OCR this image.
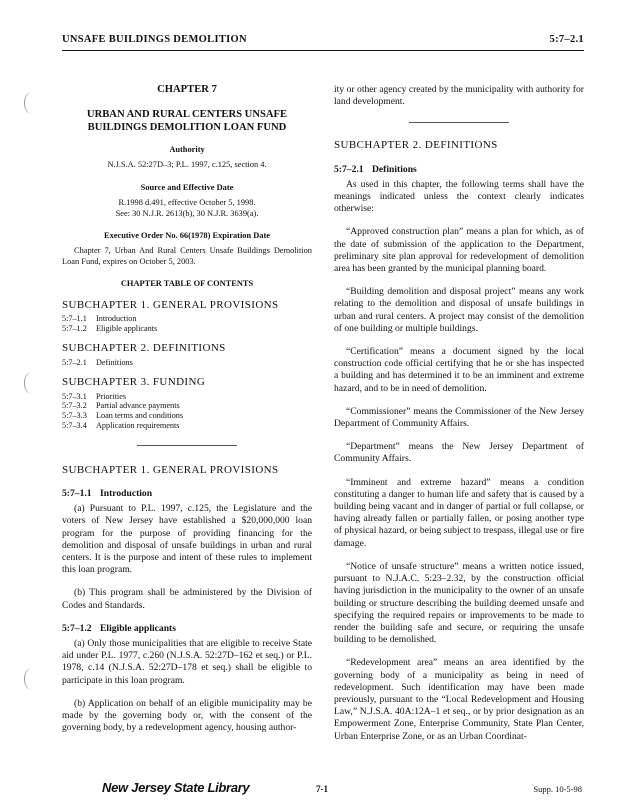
UNSAFE BUILDINGS DEMOLITION	5:7–2.1
CHAPTER 7
URBAN AND RURAL CENTERS UNSAFE BUILDINGS DEMOLITION LOAN FUND
Authority
N.J.S.A. 52:27D–3; P.L. 1997, c.125, section 4.
Source and Effective Date
R.1998 d.491, effective October 5, 1998.
See: 30 N.J.R. 2613(b), 30 N.J.R. 3639(a).
Executive Order No. 66(1978) Expiration Date
Chapter 7, Urban And Rural Centers Unsafe Buildings Demolition Loan Fund, expires on October 5, 2003.
CHAPTER TABLE OF CONTENTS
SUBCHAPTER 1. GENERAL PROVISIONS
5:7–1.1 Introduction
5:7–1.2 Eligible applicants
SUBCHAPTER 2. DEFINITIONS
5:7–2.1 Definitions
SUBCHAPTER 3. FUNDING
5:7–3.1 Priorities
5:7–3.2 Partial advance payments
5:7–3.3 Loan terms and conditions
5:7–3.4 Application requirements
SUBCHAPTER 1. GENERAL PROVISIONS
5:7–1.1 Introduction

(a) Pursuant to P.L. 1997, c.125, the Legislature and the voters of New Jersey have established a $20,000,000 loan program for the purpose of providing financing for the demolition and disposal of unsafe buildings in urban and rural centers. It is the purpose and intent of these rules to implement this loan program.

(b) This program shall be administered by the Division of Codes and Standards.

5:7–1.2 Eligible applicants

(a) Only those municipalities that are eligible to receive State aid under P.L. 1977, c.260 (N.J.S.A. 52:27D–162 et seq.) or P.L. 1978, c.14 (N.J.S.A. 52:27D–178 et seq.) shall be eligible to participate in this loan program.

(b) Application on behalf of an eligible municipality may be made by the governing body or, with the consent of the governing body, by a redevelopment agency, housing author-

ity or other agency created by the municipality with authority for land development.
SUBCHAPTER 2. DEFINITIONS
5:7–2.1 Definitions

As used in this chapter, the following terms shall have the meanings indicated unless the context clearly indicates otherwise:

“Approved construction plan” means a plan for which, as of the date of submission of the application to the Department, preliminary site plan approval for redevelopment of demolition area has been granted by the municipal planning board.

“Building demolition and disposal project” means any work relating to the demolition and disposal of unsafe buildings in urban and rural centers. A project may consist of the demolition of one building or multiple buildings.

“Certification” means a document signed by the local construction code official certifying that he or she has inspected a building and has determined it to be an imminent and extreme hazard, and to be in need of demolition.

“Commissioner” means the Commissioner of the New Jersey Department of Community Affairs.

“Department” means the New Jersey Department of Community Affairs.

“Imminent and extreme hazard” means a condition constituting a danger to human life and safety that is caused by a building being vacant and in danger of partial or full collapse, or having already fallen or partially fallen, or posing another type of physical hazard, or being subject to trespass, illegal use or fire damage.

“Notice of unsafe structure” means a written notice issued, pursuant to N.J.A.C. 5:23–2.32, by the construction official having jurisdiction in the municipality to the owner of an unsafe building or structure describing the building deemed unsafe and specifying the required repairs or improvements to be made to render the building safe and secure, or requiring the unsafe building to be demolished.

“Redevelopment area” means an area identified by the governing body of a municipality as being in need of redevelopment. Such identification may have been made previously, pursuant to the “Local Redevelopment and Housing Law,” N.J.S.A. 40A:12A–1 et seq., or by prior designation as an Empowerment Zone, Enterprise Community, State Plan Center, Urban Enterprise Zone, or as an Urban Coordinat-

New Jersey State Library	7-1	Supp. 10-5-98
